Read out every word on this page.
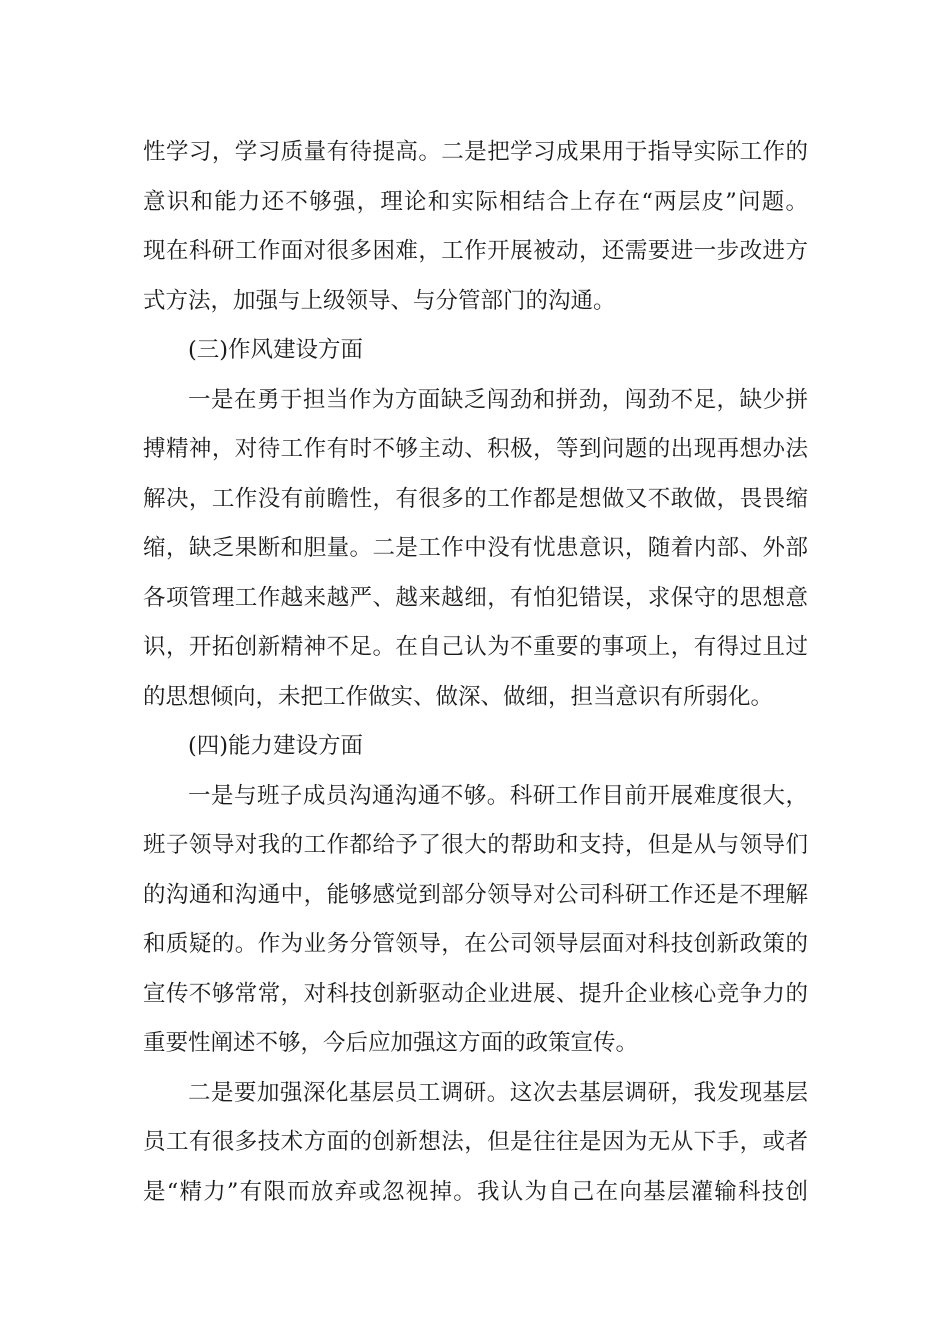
性学习，学习质量有待提高。二是把学习成果用于指导实际工作的
意识和能力还不够强，理论和实际相结合上存在“两层皮”问题。
现在科研工作面对很多困难，工作开展被动，还需要进一步改进方
式方法，加强与上级领导、与分管部门的沟通。
(三)作风建设方面
一是在勇于担当作为方面缺乏闯劲和拼劲，闯劲不足，缺少拼
搏精神，对待工作有时不够主动、积极，等到问题的出现再想办法
解决，工作没有前瞻性，有很多的工作都是想做又不敢做，畏畏缩
缩，缺乏果断和胆量。二是工作中没有忧患意识，随着内部、外部
各项管理工作越来越严、越来越细，有怕犯错误，求保守的思想意
识，开拓创新精神不足。在自己认为不重要的事项上，有得过且过
的思想倾向，未把工作做实、做深、做细，担当意识有所弱化。
(四)能力建设方面
一是与班子成员沟通沟通不够。科研工作目前开展难度很大，
班子领导对我的工作都给予了很大的帮助和支持，但是从与领导们
的沟通和沟通中，能够感觉到部分领导对公司科研工作还是不理解
和质疑的。作为业务分管领导，在公司领导层面对科技创新政策的
宣传不够常常，对科技创新驱动企业进展、提升企业核心竞争力的
重要性阐述不够，今后应加强这方面的政策宣传。
二是要加强深化基层员工调研。这次去基层调研，我发现基层
员工有很多技术方面的创新想法，但是往往是因为无从下手，或者
是“精力”有限而放弃或忽视掉。我认为自己在向基层灌输科技创
